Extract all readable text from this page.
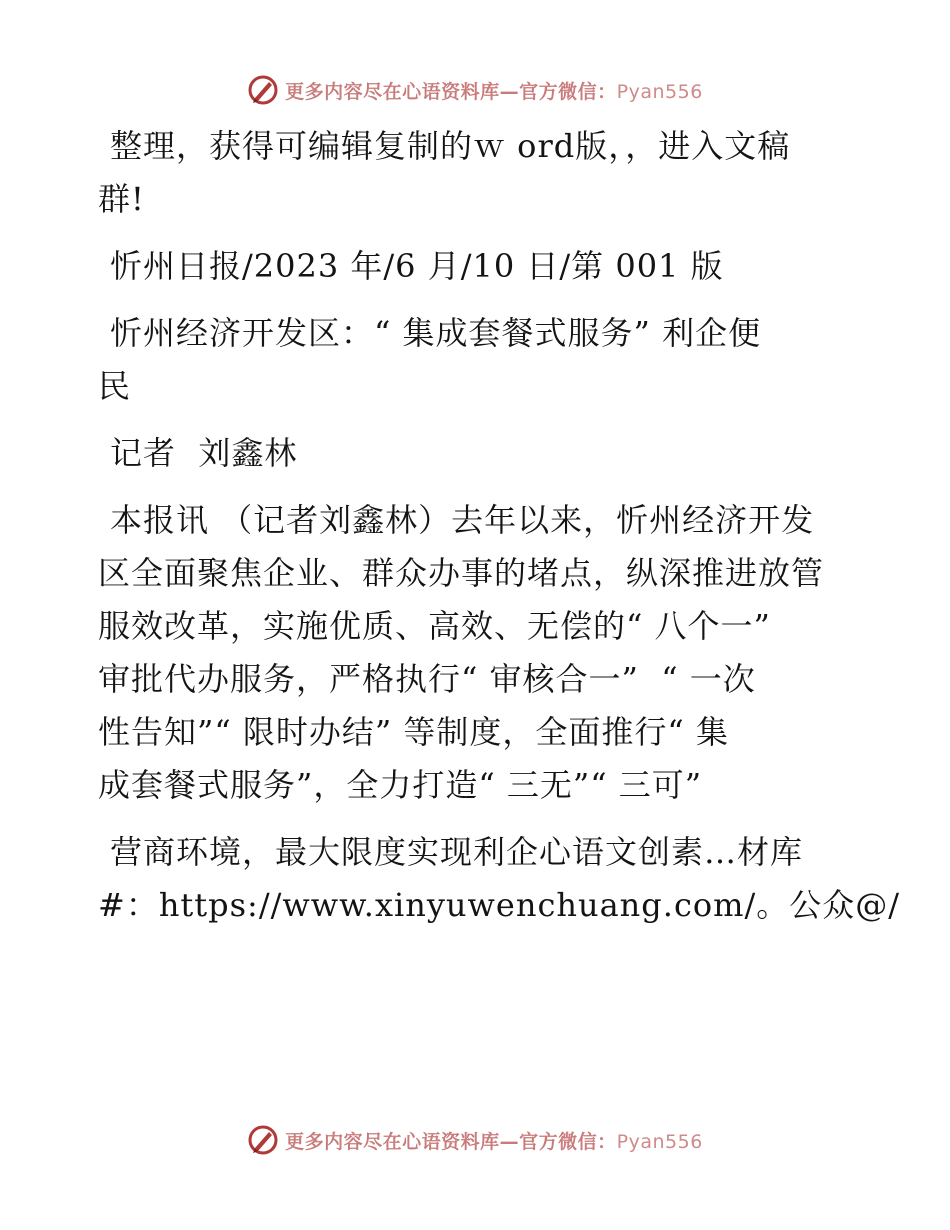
更多内容尽在心语资料库—官方微信：Pyan556

整理，获得可编辑复制的ｗ ord版，，进入文稿
群!

忻州日报/2023 年/6 月/10 日/第 001 版

忻州经济开发区：“ 集成套餐式服务” 利企便
民

记者  刘鑫林

本报讯 （记者刘鑫林）去年以来，忻州经济开发
区全面聚焦企业、群众办事的堵点，纵深推进放管
服效改革，实施优质、高效、无偿的“ 八个一”
审批代办服务，严格执行“ 审核合一”  “ 一次
性告知”“ 限时办结” 等制度，全面推行“ 集
成套餐式服务”，全力打造“ 三无”“ 三可”

营商环境，最大限度实现利企心语文创素…材库
#：https://www.xinyuwenchuang.com/。公众@/

更多内容尽在心语资料库—官方微信：Pyan556
